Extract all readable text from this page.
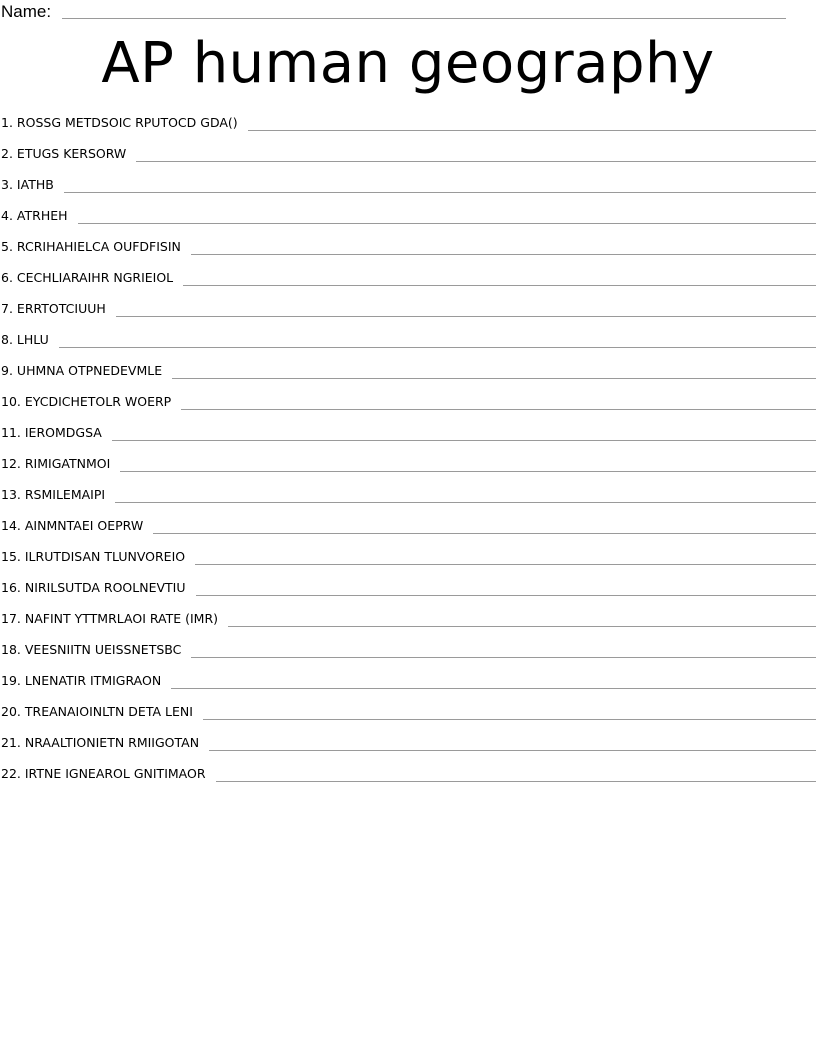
Name:
AP human geography
1. ROSSG METDSOIC RPUTOCD GDA()
2. ETUGS KERSORW
3. IATHB
4. ATRHEH
5. RCRIHAHIELCA OUFDFISIN
6. CECHLIARAIHR NGRIEIOL
7. ERRTOTCIUUH
8. LHLU
9. UHMNA OTPNEDEVMLE
10. EYCDICHETOLR WOERP
11. IEROMDGSA
12. RIMIGATNMOI
13. RSMILEMAIPI
14. AINMNTAEI OEPRW
15. ILRUTDISAN TLUNVOREIO
16. NIRILSUTDA ROOLNEVTIU
17. NAFINT YTTMRLAOI RATE (IMR)
18. VEESNIITN UEISSNETSBC
19. LNENATIR ITMIGRAON
20. TREANAIOINLTN DETA LENI
21. NRAALTIONIETN RMIIGOTAN
22. IRTNE IGNEAROL GNITIMAOR
